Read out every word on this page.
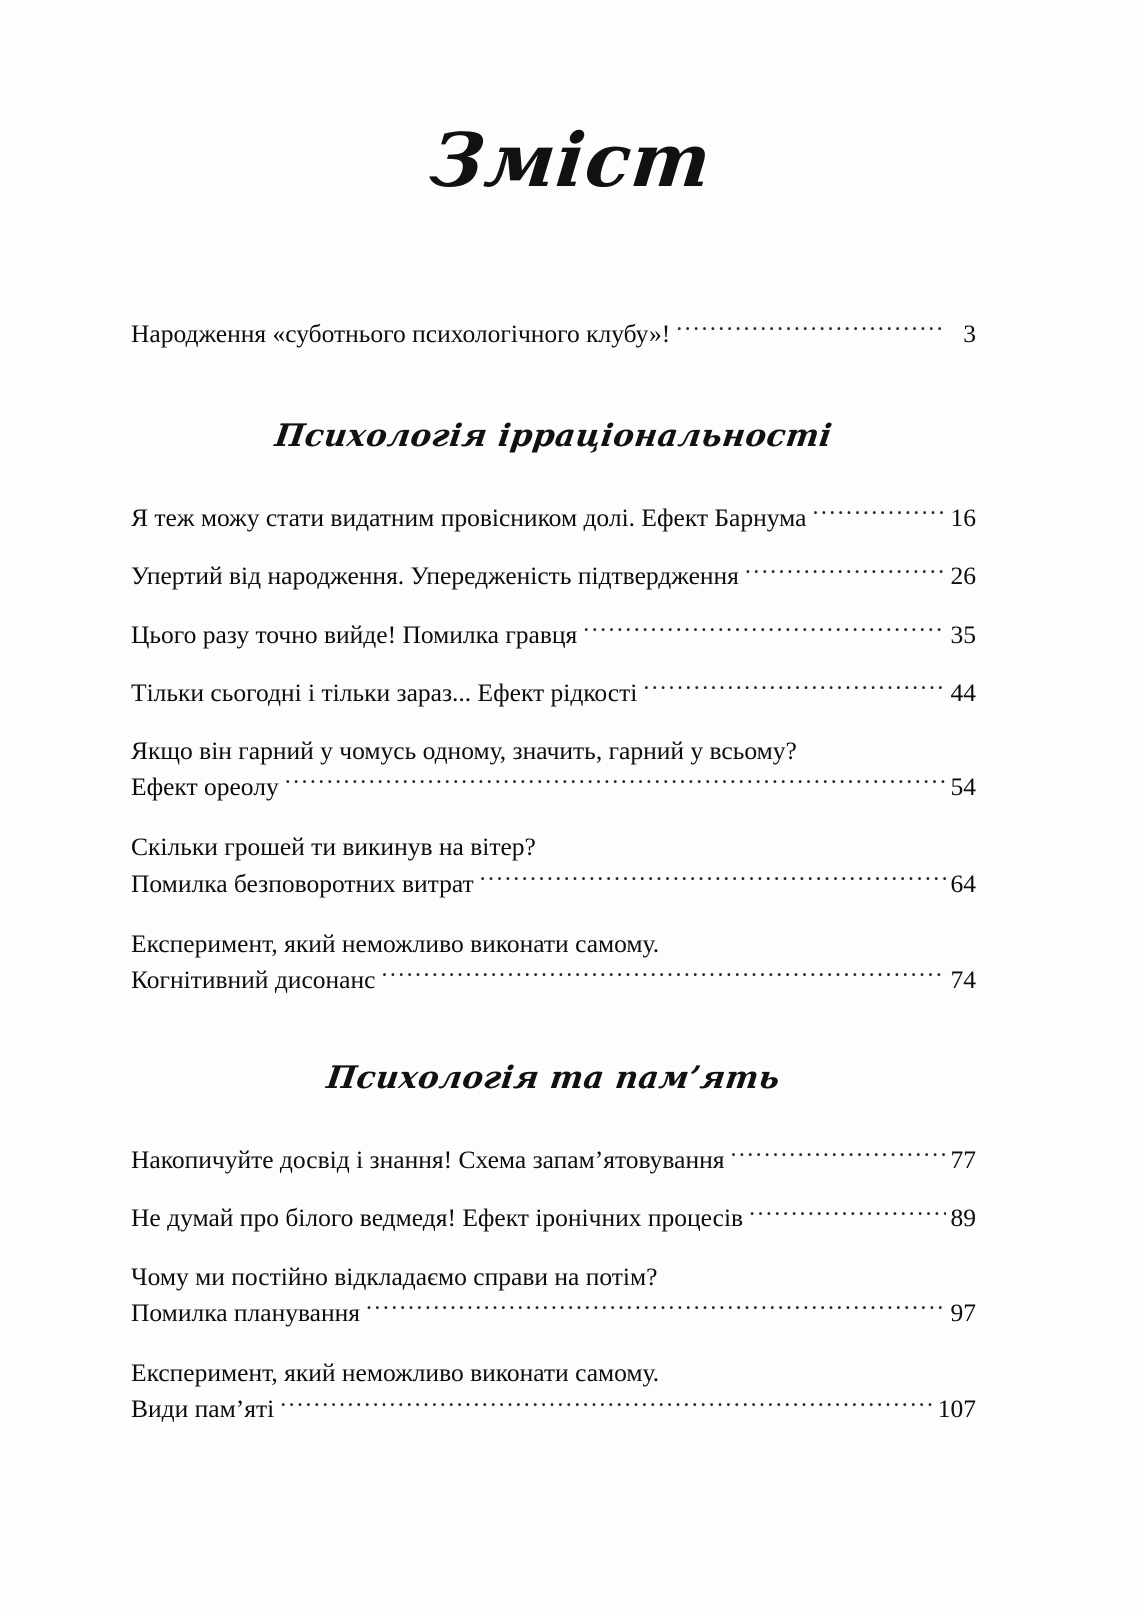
Зміст
Народження «суботнього психологічного клубу»! .....	3
Психологія ірраціональності
Я теж можу стати видатним провісником долі. Ефект Барнума .....	16
Упертий від народження. Упередженість підтвердження .....	26
Цього разу точно вийде! Помилка гравця .....	35
Тільки сьогодні і тільки зараз... Ефект рідкості .....	44
Якщо він гарний у чомусь одному, значить, гарний у всьому?
Ефект ореолу .....	54
Скільки грошей ти викинув на вітер?
Помилка безповоротних витрат .....	64
Експеримент, який неможливо виконати самому.
Когнітивний дисонанс .....	74
Психологія та пам’ять
Накопичуйте досвід і знання! Схема запам’ятовування .....	77
Не думай про білого ведмедя! Ефект іронічних процесів .....	89
Чому ми постійно відкладаємо справи на потім?
Помилка планування .....	97
Експеримент, який неможливо виконати самому.
Види пам’яті .....	107
